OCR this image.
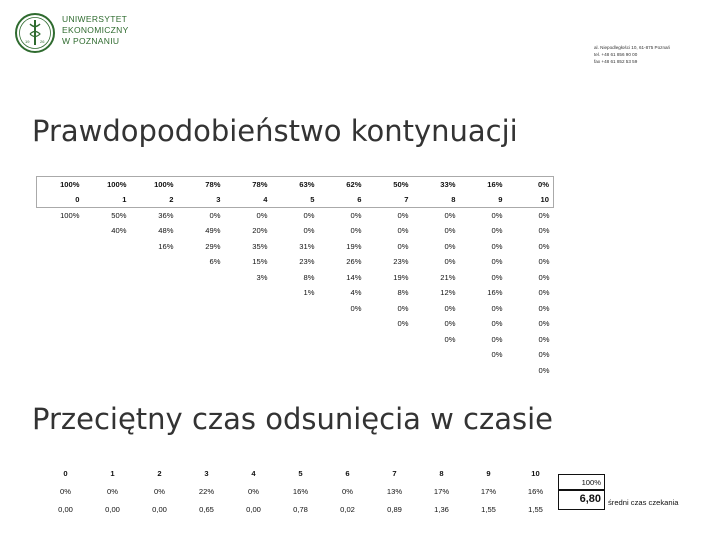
19	26
UNIWERSYTET
EKONOMICZNY
W POZNANIU
al. Niepodległości 10, 61-875 Poznań
tel. +48 61 856 90 00
fax +48 61 852 53 59
Prawdopodobieństwo kontynuacji
100%	100%	100%	78%	78%	63%	62%	50%	33%	16%	0%
0	1	2	3	4	5	6	7	8	9	10
100%	50%	36%	0%	0%	0%	0%	0%	0%	0%	0%
	40%	48%	49%	20%	0%	0%	0%	0%	0%	0%
		16%	29%	35%	31%	19%	0%	0%	0%	0%
			6%	15%	23%	26%	23%	0%	0%	0%
				3%	8%	14%	19%	21%	0%	0%
					1%	4%	8%	12%	16%	0%
						0%	0%	0%	0%	0%
							0%	0%	0%	0%
								0%	0%	0%
									0%	0%
										0%
Przeciętny czas odsunięcia w czasie
0	1	2	3	4	5	6	7	8	9	10
0%	0%	0%	22%	0%	16%	0%	13%	17%	17%	16%
0,00	0,00	0,00	0,65	0,00	0,78	0,02	0,89	1,36	1,55	1,55
100%
6,80 średni czas czekania
